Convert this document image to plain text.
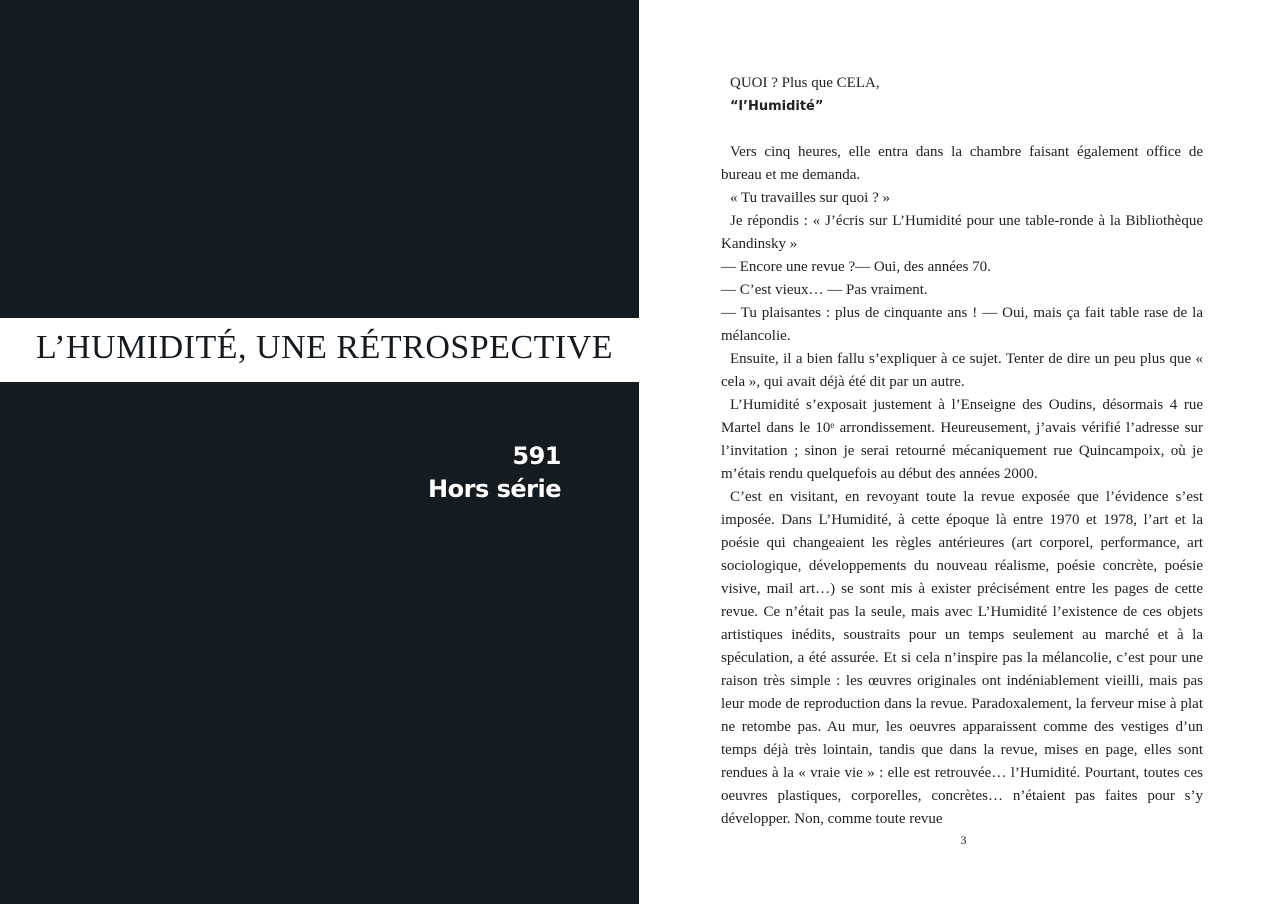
L’HUMIDITÉ, UNE RÉTROSPECTIVE
591
Hors série

QUOI ? Plus que CELA,

“l’Humidité”

Vers cinq heures, elle entra dans la chambre faisant également office de bureau et me demanda.

« Tu travailles sur quoi ? »

Je répondis : « J’écris sur L’Humidité pour une table-ronde à la Bibliothèque Kandinsky »

— Encore une revue ?— Oui, des années 70.

— C’est vieux… — Pas vraiment.

— Tu plaisantes : plus de cinquante ans ! — Oui, mais ça fait table rase de la mélancolie.

Ensuite, il a bien fallu s’expliquer à ce sujet. Tenter de dire un peu plus que « cela », qui avait déjà été dit par un autre.

L’Humidité s’exposait justement à l’Enseigne des Oudins, désormais 4 rue Martel dans le 10ᵉ arrondissement. Heureusement, j’avais vérifié l’adresse sur l’invitation ; sinon je serai retourné mécaniquement rue Quincampoix, où je m’étais rendu quelquefois au début des années 2000.

C’est en visitant, en revoyant toute la revue exposée que l’évidence s’est imposée. Dans L’Humidité, à cette époque là entre 1970 et 1978, l’art et la poésie qui changeaient les règles antérieures (art corporel, performance, art sociologique, développements du nouveau réalisme, poésie concrète, poésie visive, mail art…) se sont mis à exister précisément entre les pages de cette revue. Ce n’était pas la seule, mais avec L’Humidité l’existence de ces objets artistiques inédits, soustraits pour un temps seulement au marché et à la spéculation, a été assurée. Et si cela n’inspire pas la mélancolie, c’est pour une raison très simple : les œuvres originales ont indéniablement vieilli, mais pas leur mode de reproduction dans la revue. Paradoxalement, la ferveur mise à plat ne retombe pas. Au mur, les oeuvres apparaissent comme des vestiges d’un temps déjà très lointain, tandis que dans la revue, mises en page, elles sont rendues à la « vraie vie » : elle est retrouvée… l’Humidité. Pourtant, toutes ces oeuvres plastiques, corporelles, concrètes… n’étaient pas faites pour s’y développer. Non, comme toute revue

3
